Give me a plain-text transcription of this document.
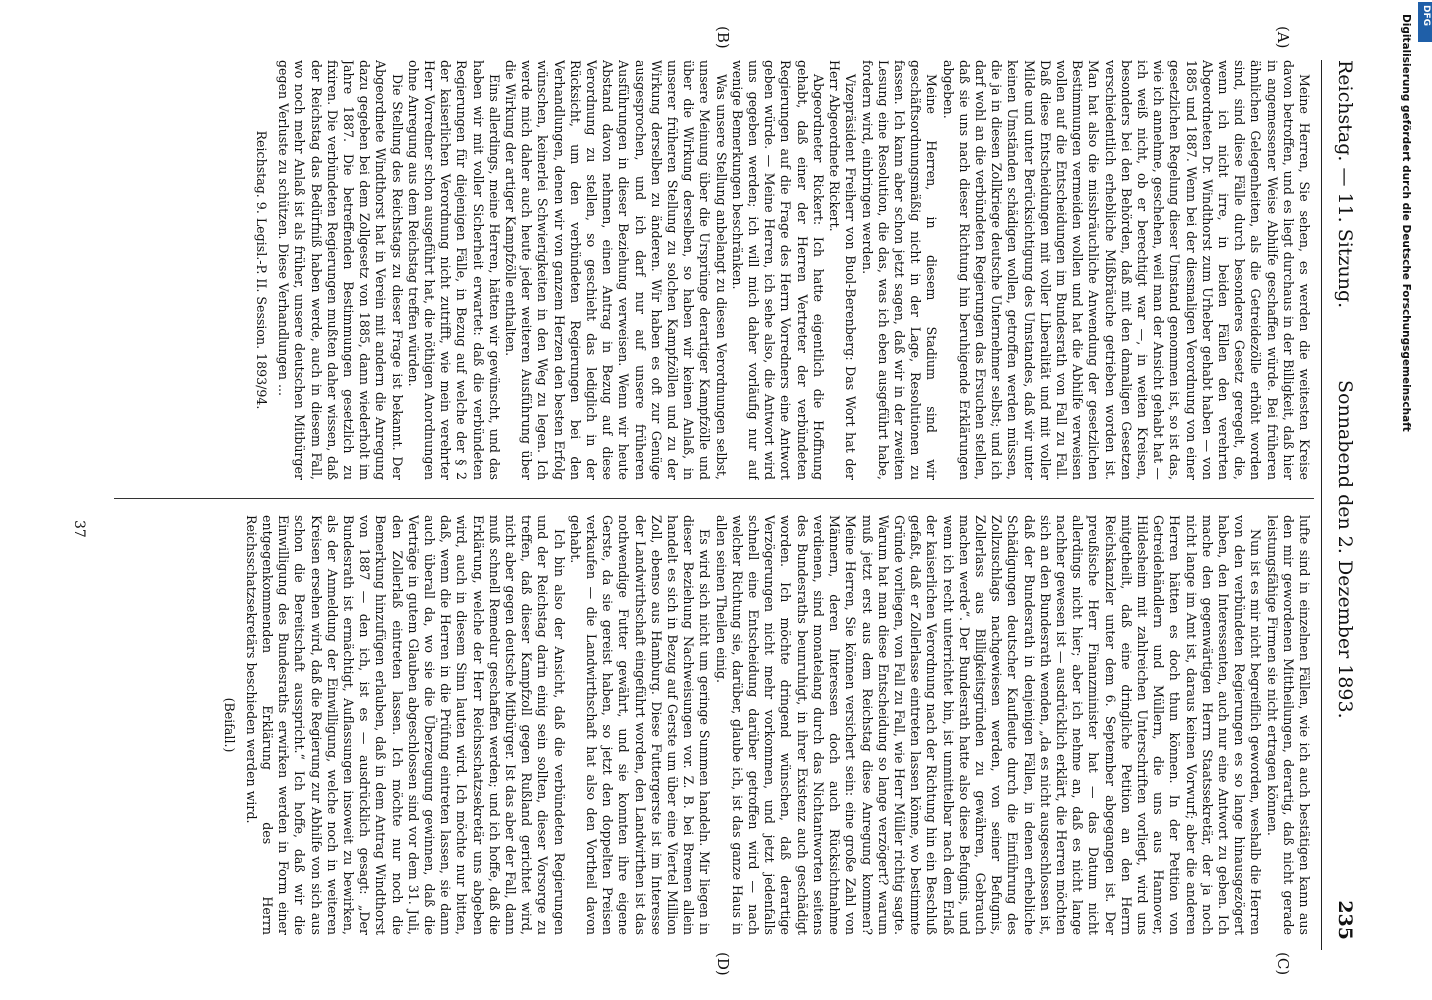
Reichstag. — 11. Sitzung.
Sonnabend den 2. Dezember 1893.
235
(A)
(B)
(C)
(D)

Meine Herren, Sie sehen, es werden die weitesten Kreise davon betroffen, und es liegt durchaus in der Billigkeit, daß hier in angemessener Weise Abhilfe geschaffen würde. Bei früheren ähnlichen Gelegenheiten, als die Getreidezölle erhöht worden sind, sind diese Fälle durch besonderes Gesetz geregelt, die, wenn ich nicht irre, in beiden Fällen den verehrten Abgeordneten Dr. Windthorst zum Urheber gehabt haben — von 1885 und 1887. Wenn bei der diesmaligen Verordnung von einer gesetzlichen Regelung dieser Umstand genommen ist, so ist das, wie ich annehme, geschehen, weil man der Ansicht gehabt hat — ich weiß nicht, ob er berechtigt war —, in weiten Kreisen, besonders bei den Behörden, daß mit den damaligen Gesetzen verschiedentlich erhebliche Mißbräuche getrieben worden ist. Man hat also die missbräuchliche Anwendung der gesetzlichen Bestimmungen vermeiden wollen und hat die Abhilfe verweisen wollen auf die Entscheidungen im Bundesrath von Fall zu Fall. Daß diese Entscheidungen mit voller Liberalität und mit voller Milde und unter Berücksichtigung des Umstandes, daß wir unter keinen Umständen schädigen wollen, getroffen werden müssen, die ja in diesen Zollkriege deutsche Unternehmer selbst; und ich darf wohl an die verbündeten Regierungen das Ersuchen stellen, daß sie uns nach dieser Richtung hin beruhigende Erklärungen abgeben.

Meine Herren, in diesem Stadium sind wir geschäftsordnungsmäßig nicht in der Lage, Resolutionen zu fassen. Ich kann aber schon jetzt sagen, daß wir in der zweiten Lesung eine Resolution, die das, was ich eben ausgeführt habe, fordern wird, einbringen werden.

Vizepräsident Freiherr von Buol-Berenberg: Das Wort hat der Herr Abgeordnete Rickert.

Abgeordneter Rickert: Ich hatte eigentlich die Hoffnung gehabt, daß einer der Herren Vertreter der verbündeten Regierungen auf die Frage des Herrn Vorredners eine Antwort geben würde. — Meine Herren, ich sehe also, die Antwort wird uns gegeben werden; ich will mich daher vorläufig nur auf wenige Bemerkungen beschränken.

Was unsere Stellung anbelangt zu diesen Verordnungen selbst, unsere Meinung über die Ursprünge derartiger Kampfzölle und über die Wirkung derselben, so haben wir keinen Anlaß, in unserer früheren Stellung zu solchen Kampfzöllen und zu der Wirkung derselben zu änderen. Wir haben es oft zur Genüge ausgesprochen, und ich darf nur auf unsere früheren Ausführungen in dieser Beziehung verweisen. Wenn wir heute Abstand davon nehmen, einen Antrag in Bezug auf diese Verordnung zu stellen, so geschieht das lediglich in der Rücksicht, um den verbündeten Regierungen bei den Verhandlungen, denen wir von ganzem Herzen den besten Erfolg wünschen, keinerlei Schwierigkeiten in den Weg zu legen. Ich werde mich daher auch heute jeder weiteren Ausführung über die Wirkung der artiger Kampfzölle enthalten.

Eins allerdings, meine Herren, hätten wir gewünscht, und das haben wir mit voller Sicherheit erwartet: daß die verbündeten Regierungen für diejenigen Fälle, in Bezug auf welche der § 2 der kaiserlichen Verordnung nicht zutrifft, wie mein verehrter Herr Vorredner schon ausgeführt hat, die nöthigen Anordnungen ohne Anregung aus dem Reichstag treffen würden.

Die Stellung des Reichstags zu dieser Frage ist bekannt. Der Abgeordnete Windthorst hat in Verein mit andern die Anregung dazu gegeben bei dem Zollgesetz von 1885, dann wiederholt im Jahre 1887. Die betreffenden Bestimmungen gesetzlich zu fixiren. Die verbündeten Regierungen mußten daher wissen, daß der Reichstag das Bedürfniß haben werde, auch in diesem Fall, wo noch mehr Anlaß ist als früher, unsere deutschen Mitbürger gegen Verluste zu schützen. Diese Verhandlungen ...

Reichstag. 9. Legisl.-P. II. Session. 1893/94.

lufte sind in einzelnen Fällen, wie ich auch bestätigen kann aus den mir gewordenen Mittheilungen, derartig, daß nicht gerade leistungsfähige Firmen sie nicht ertragen können.

Nun ist es mir nicht begreiflich geworden, weshalb die Herren von den verbündeten Regierungen es so lange hinausgezögert haben, den Interessenten, auch nur eine Antwort zu geben. Ich mache den gegenwärtigen Herrn Staatssekretär, der ja noch nicht lange im Amt ist, daraus keinen Vorwurf; aber die anderen Herren hätten es doch thun können. In der Petition von Getreidehändlern und Müllern, die uns aus Hannover, Hildesheim mit zahlreichen Unterschriften vorliegt, wird uns mitgetheilt, daß eine dringliche Petition an den Herrn Reichskanzler unter dem 6. September abgegangen ist. Der preußische Herr Finanzminister hat — das Datum nicht allerdings nicht hier; aber ich nehme an, daß es nicht lange nachher gewesen ist — ausdrücklich erklärt, die Herren möchten sich an den Bundesrath wenden, „da es nicht ausgeschlossen ist, daß der Bundesrath in denjenigen Fällen, in denen erhebliche Schädigungen deutscher Kaufleute durch die Einführung des Zollzuschlags nachgewiesen werden, von seiner Befugnis, Zollerlass aus Billigkeitsgründen zu gewähren, Gebrauch machen werde“. Der Bundesrath hatte also diese Befugnis, und wenn ich recht unterrichtet bin, ist unmittelbar nach dem Erlaß der kaiserlichen Verordnung nach der Richtung hin ein Beschluß gefaßt, daß er Zollerlasse eintreten lassen könne, wo bestimmte Gründe vorliegen, von Fall zu Fall, wie Herr Müller richtig sagte. Warum hat man diese Entscheidung so lange verzögert? warum muß jetzt erst aus dem Reichstag diese Anregung kommen? Meine Herren, Sie können versichert sein: eine große Zahl von Männern, deren Interessen doch auch Rücksichtnahme verdienen, sind monatelang durch das Nichtantworten seitens des Bundesraths beunruhigt, in ihrer Existenz auch geschädigt worden. Ich möchte dringend wünschen, daß derartige Verzögerungen nicht mehr vorkommen, und jetzt jedenfalls schnell eine Entscheidung darüber getroffen wird — nach welcher Richtung sie, darüber, glaube ich, ist das ganze Haus in allen seinen Theilen einig.

Es wird sich nicht um geringe Summen handeln. Mir liegen in dieser Beziehung Nachweisungen vor. Z. B. bei Bremen allein handelt es sich in Bezug auf Gerste um über eine Viertel Million Zoll, ebenso aus Hamburg. Diese Futtergerste ist im Interesse der Landwirthschaft eingeführt worden, den Landwirthen ist das nothwendige Futter gewährt, und sie konnten ihre eigene Gerste, da sie gereist haben, so jetzt den doppelten Preisen verkaufen — die Landwirthschaft hat also den Vortheil davon gehabt.

Ich bin also der Ansicht, daß die verbündeten Regierungen und der Reichstag darin einig sein sollten, dieser Vorsorge zu treffen, daß dieser Kampfzoll gegen Rußland gerichtet wird, nicht aber gegen deutsche Mitbürger. Ist das aber der Fall, dann muß schnell Remedur geschaffen werden; und ich hoffe, daß die Erklärung, welche der Herr Reichsschatzsekretär uns abgeben wird, auch in diesem Sinn lauten wird. Ich möchte nur bitten, daß, wenn die Herren in die Prüfung eintreten lassen, sie dann auch überall da, wo sie die Überzeugung gewinnen, daß die Verträge in gutem Glauben abgeschlossen sind vor dem 31. Juli, den Zollerlaß eintreten lassen. Ich möchte nur noch die Bemerkung hinzufügen erlauben, daß in dem Antrag Windthorst von 1887 — den ich, ist es — ausdrücklich gesagt: „Der Bundesrath ist ermächtigt, Auflassungen insoweit zu bewirken, als der Anmeldung der Einwilligung, welche noch in weiteren Kreisen ersehen wird, daß die Regierung zur Abhilfe von sich aus schon die Bereitschaft ausspricht.“ Ich hoffe, daß wir die Einwilligung des Bundesraths erwirken werden in Form einer entgegenkommenden Erklärung des Herrn Reichsschatzsekretärs beschieden werden wird.

(Beifall.)

37
Digitalisierung gefördert durch die Deutsche Forschungsgemeinschaft DFG
